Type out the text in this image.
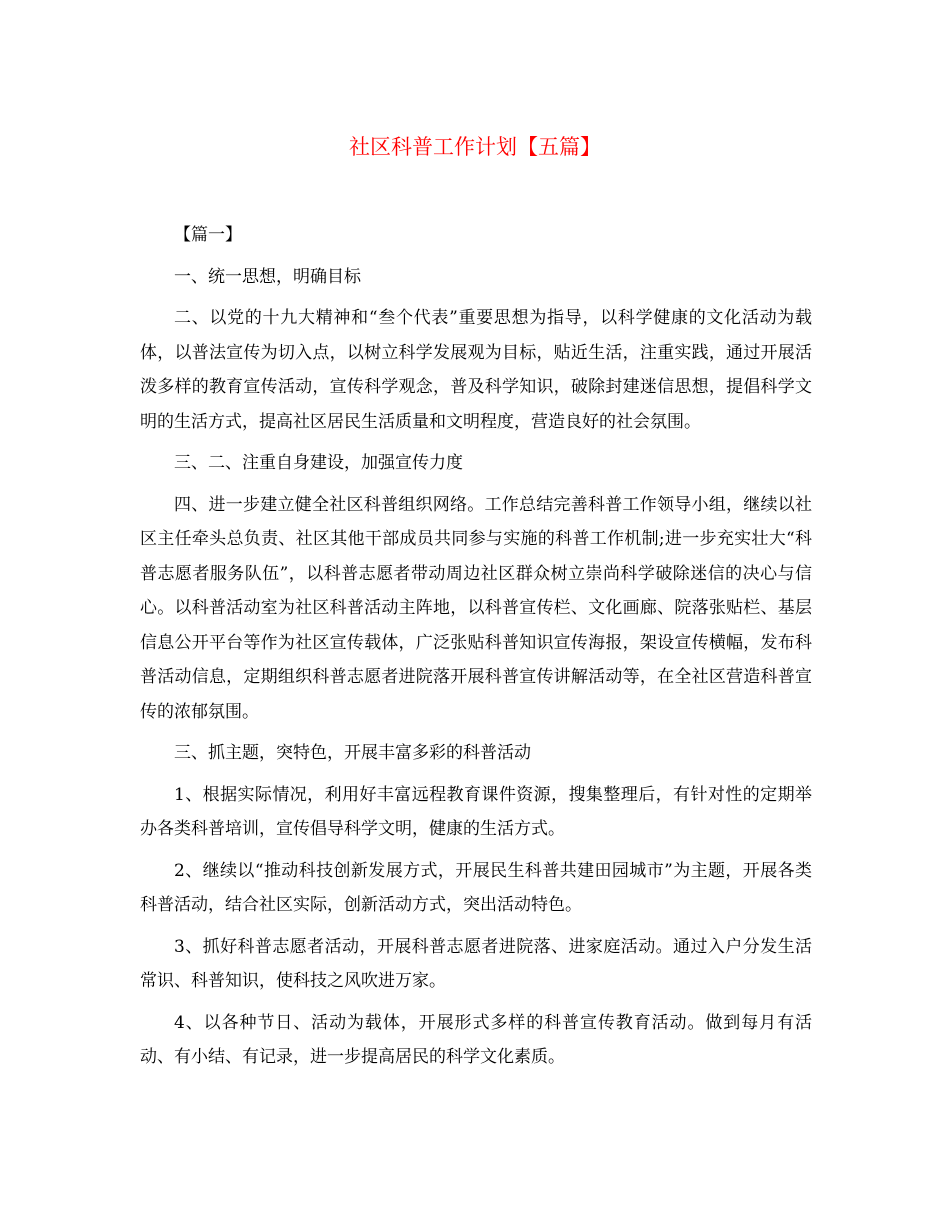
社区科普工作计划【五篇】

【篇一】

一、统一思想，明确目标

二、以党的十九大精神和“叁个代表”重要思想为指导，以科学健康的文化活动为载体，以普法宣传为切入点，以树立科学发展观为目标，贴近生活，注重实践，通过开展活泼多样的教育宣传活动，宣传科学观念，普及科学知识，破除封建迷信思想，提倡科学文明的生活方式，提高社区居民生活质量和文明程度，营造良好的社会氛围。

三、二、注重自身建设，加强宣传力度

四、进一步建立健全社区科普组织网络。工作总结完善科普工作领导小组，继续以社区主任牵头总负责、社区其他干部成员共同参与实施的科普工作机制;进一步充实壮大“科普志愿者服务队伍”，以科普志愿者带动周边社区群众树立崇尚科学破除迷信的决心与信心。以科普活动室为社区科普活动主阵地，以科普宣传栏、文化画廊、院落张贴栏、基层信息公开平台等作为社区宣传载体，广泛张贴科普知识宣传海报，架设宣传横幅，发布科普活动信息，定期组织科普志愿者进院落开展科普宣传讲解活动等，在全社区营造科普宣传的浓郁氛围。

三、抓主题，突特色，开展丰富多彩的科普活动

1、根据实际情况，利用好丰富远程教育课件资源，搜集整理后，有针对性的定期举办各类科普培训，宣传倡导科学文明，健康的生活方式。

2、继续以“推动科技创新发展方式，开展民生科普共建田园城市”为主题，开展各类科普活动，结合社区实际，创新活动方式，突出活动特色。

3、抓好科普志愿者活动，开展科普志愿者进院落、进家庭活动。通过入户分发生活常识、科普知识，使科技之风吹进万家。

4、以各种节日、活动为载体，开展形式多样的科普宣传教育活动。做到每月有活动、有小结、有记录，进一步提高居民的科学文化素质。
